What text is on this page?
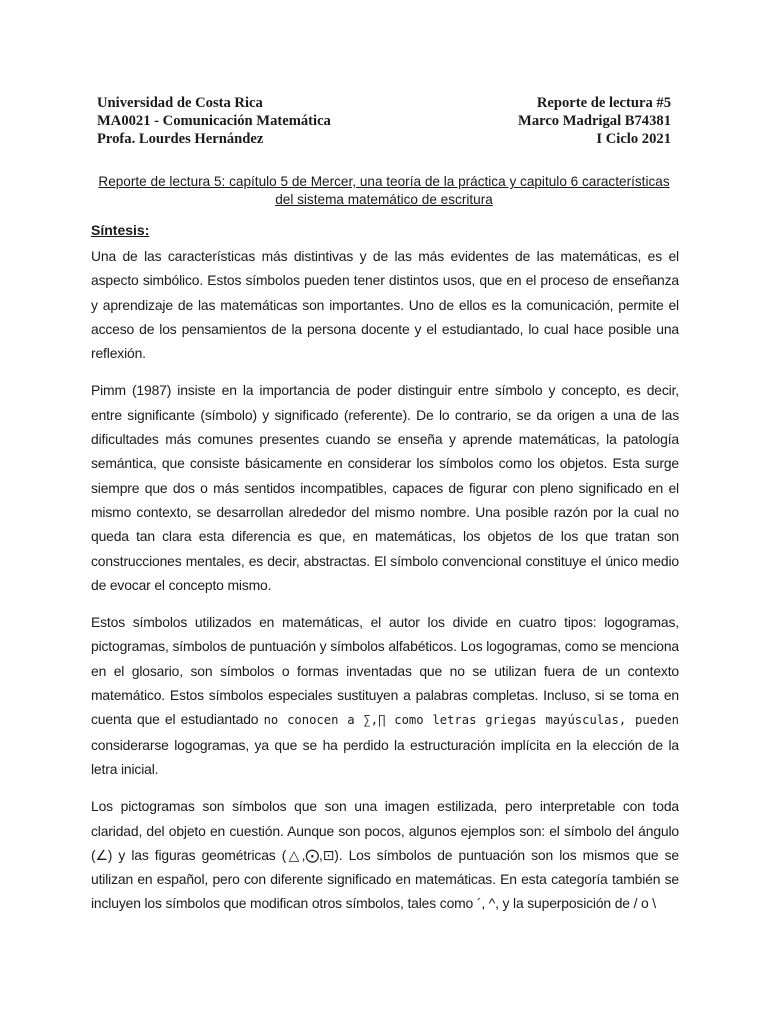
Universidad de Costa Rica	Reporte de lectura #5
MA0021 - Comunicación Matemática	Marco Madrigal B74381
Profa. Lourdes Hernández	I Ciclo 2021
Reporte de lectura 5: capítulo 5 de Mercer, una teoría de la práctica y capitulo 6 características
del sistema matemático de escritura
Síntesis:

Una de las características más distintivas y de las más evidentes de las matemáticas, es el aspecto simbólico. Estos símbolos pueden tener distintos usos, que en el proceso de enseñanza y aprendizaje de las matemáticas son importantes. Uno de ellos es la comunicación, permite el acceso de los pensamientos de la persona docente y el estudiantado, lo cual hace posible una reflexión.

Pimm (1987) insiste en la importancia de poder distinguir entre símbolo y concepto, es decir, entre significante (símbolo) y significado (referente). De lo contrario, se da origen a una de las dificultades más comunes presentes cuando se enseña y aprende matemáticas, la patología semántica, que consiste básicamente en considerar los símbolos como los objetos. Esta surge siempre que dos o más sentidos incompatibles, capaces de figurar con pleno significado en el mismo contexto, se desarrollan alrededor del mismo nombre. Una posible razón por la cual no queda tan clara esta diferencia es que, en matemáticas, los objetos de los que tratan son construcciones mentales, es decir, abstractas. El símbolo convencional constituye el único medio de evocar el concepto mismo.

Estos símbolos utilizados en matemáticas, el autor los divide en cuatro tipos: logogramas, pictogramas, símbolos de puntuación y símbolos alfabéticos. Los logogramas, como se menciona en el glosario, son símbolos o formas inventadas que no se utilizan fuera de un contexto matemático. Estos símbolos especiales sustituyen a palabras completas. Incluso, si se toma en cuenta que el estudiantado no conocen a ∑,∏ como letras griegas mayúsculas, pueden considerarse logogramas, ya que se ha perdido la estructuración implícita en la elección de la letra inicial.

Los pictogramas son símbolos que son una imagen estilizada, pero interpretable con toda claridad, del objeto en cuestión. Aunque son pocos, algunos ejemplos son: el símbolo del ángulo (∠) y las figuras geométricas (△,⨀,⊡). Los símbolos de puntuación son los mismos que se utilizan en español, pero con diferente significado en matemáticas. En esta categoría también se incluyen los símbolos que modifican otros símbolos, tales como ´, ^, y la superposición de / o \
